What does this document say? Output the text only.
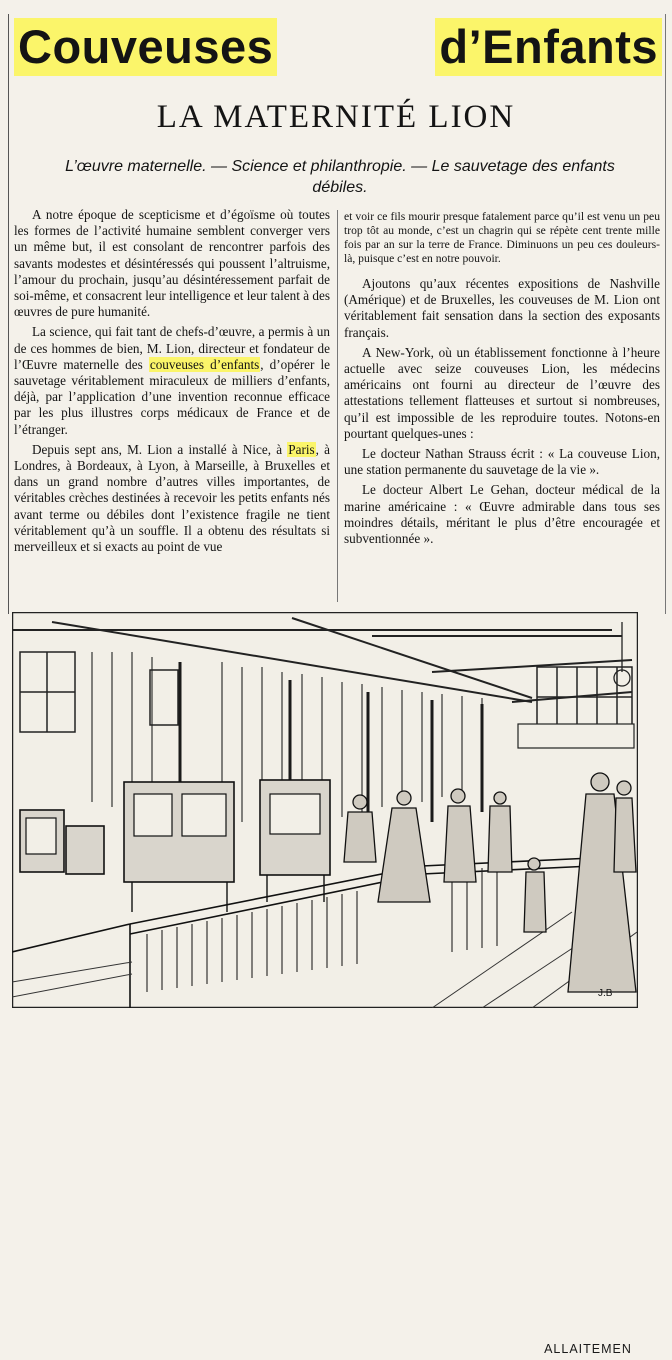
Couveuses	d’Enfants
LA MATERNITÉ LION
L’œuvre maternelle. — Science et philanthropie. — Le sauvetage des enfants débiles.

A notre époque de scepticisme et d’égoïsme où toutes les formes de l’activité humaine semblent converger vers un même but, il est consolant de rencontrer parfois des savants modestes et désintéressés qui poussent l’altruisme, l’amour du prochain, jusqu’au désintéressement parfait de soi-même, et consacrent leur intelligence et leur talent à des œuvres de pure humanité.

La science, qui fait tant de chefs-d’œuvre, a permis à un de ces hommes de bien, M. Lion, directeur et fondateur de l’Œuvre maternelle des couveuses d’enfants, d’opérer le sauvetage véritablement miraculeux de milliers d’enfants, déjà, par l’application d’une invention reconnue efficace par les plus illustres corps médicaux de France et de l’étranger.

Depuis sept ans, M. Lion a installé à Nice, à Paris, à Londres, à Bordeaux, à Lyon, à Marseille, à Bruxelles et dans un grand nombre d’autres villes importantes, de véritables crèches destinées à recevoir les petits enfants nés avant terme ou débiles dont l’existence fragile ne tient véritablement qu’à un souffle. Il a obtenu des résultats si merveilleux et si exacts au point de vue

et voir ce fils mourir presque fatalement parce qu’il est venu un peu trop tôt au monde, c’est un chagrin qui se répète cent trente mille fois par an sur la terre de France. Diminuons un peu ces douleurs-là, puisque c’est en notre pouvoir.

Ajoutons qu’aux récentes expositions de Nashville (Amérique) et de Bruxelles, les couveuses de M. Lion ont véritablement fait sensation dans la section des exposants français.

A New-York, où un établissement fonctionne à l’heure actuelle avec seize couveuses Lion, les médecins américains ont fourni au directeur de l’œuvre des attestations tellement flatteuses et surtout si nombreuses, qu’il est impossible de les reproduire toutes. Notons-en pourtant quelques-unes :

Le docteur Nathan Strauss écrit : « La couveuse Lion, une station permanente du sauvetage de la vie ».

Le docteur Albert Le Gehan, docteur médical de la marine américaine : « Œuvre admirable dans tous ses moindres détails, méritant le plus d’être encouragée et subventionnée ».

ALLAITEMEN
J.B
